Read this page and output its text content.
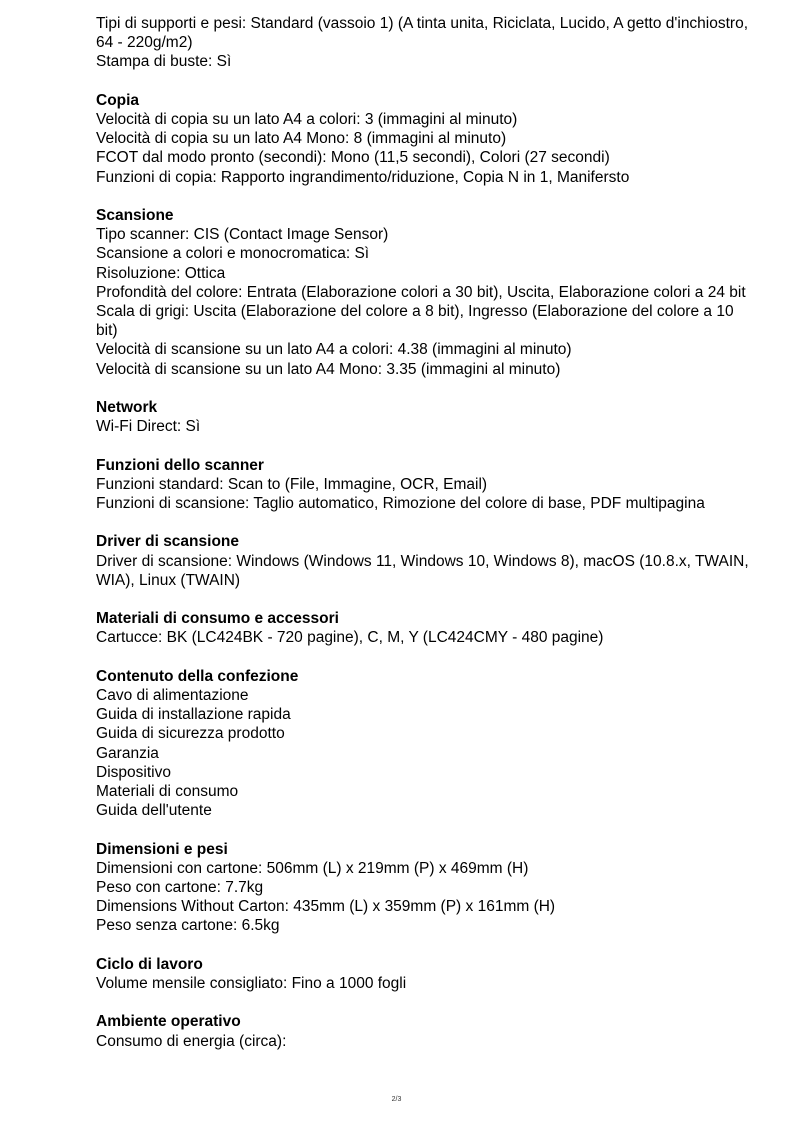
Tipi di supporti e pesi: Standard (vassoio 1) (A tinta unita, Riciclata, Lucido, A getto d'inchiostro, 64 - 220g/m2)
Stampa di buste: Sì
Copia
Velocità di copia su un lato A4 a colori: 3 (immagini al minuto)
Velocità di copia su un lato A4 Mono: 8 (immagini al minuto)
FCOT dal modo pronto (secondi): Mono (11,5 secondi), Colori (27 secondi)
Funzioni di copia: Rapporto ingrandimento/riduzione, Copia N in 1, Manifersto
Scansione
Tipo scanner: CIS (Contact Image Sensor)
Scansione a colori e monocromatica: Sì
Risoluzione: Ottica
Profondità del colore: Entrata (Elaborazione colori a 30 bit), Uscita, Elaborazione colori a 24 bit
Scala di grigi: Uscita (Elaborazione del colore a 8 bit), Ingresso (Elaborazione del colore a 10 bit)
Velocità di scansione su un lato A4 a colori: 4.38 (immagini al minuto)
Velocità di scansione su un lato A4 Mono: 3.35 (immagini al minuto)
Network
Wi-Fi Direct: Sì
Funzioni dello scanner
Funzioni standard: Scan to (File, Immagine, OCR, Email)
Funzioni di scansione: Taglio automatico, Rimozione del colore di base, PDF multipagina
Driver di scansione
Driver di scansione: Windows (Windows 11, Windows 10, Windows 8), macOS (10.8.x, TWAIN, WIA), Linux (TWAIN)
Materiali di consumo e accessori
Cartucce: BK (LC424BK - 720 pagine), C, M, Y (LC424CMY - 480 pagine)
Contenuto della confezione
Cavo di alimentazione
Guida di installazione rapida
Guida di sicurezza prodotto
Garanzia
Dispositivo
Materiali di consumo
Guida dell'utente
Dimensioni e pesi
Dimensioni con cartone: 506mm (L) x 219mm (P) x 469mm (H)
Peso con cartone: 7.7kg
Dimensions Without Carton: 435mm (L) x 359mm (P) x 161mm (H)
Peso senza cartone: 6.5kg
Ciclo di lavoro
Volume mensile consigliato: Fino a 1000 fogli
Ambiente operativo
Consumo di energia (circa):
2/3
